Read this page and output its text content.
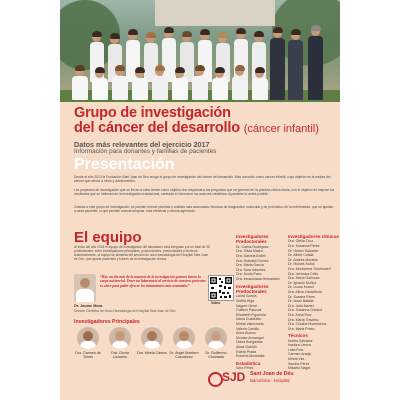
Grupo de investigación
del cáncer del desarrollo (cáncer infantil)
Datos más relevantes del ejercicio 2017
Información para donantes y familias de pacientes
Presentación
Desde el año 2013 la Fundación Sant Joan de Déu acoge el grupo de investigación del cáncer del desarrollo. Más conocido como cáncer infantil, cuyo objetivo es la mejora del cáncer que afecta a niños y adolescentes.
Los proyectos de investigación que se llevan a cabo tienen como objetivo dar respuesta a las preguntas que se generan en la práctica clínica diaria, con el objetivo de mejorar los resultados que se obtienen en la investigación traslacional, centrada en favorecer los avances científicos al paciente lo antes posible.
Gracias a este grupo de investigación, se pueden ofrecer pruebas y análisis más avanzados: técnicas de diagnóstico molecular y de pronóstico de la enfermedad, que se ajustan a cada paciente, lo que permite nuevas terapias, más efectivas y menos agresivas.
El equipo
Al inicio del año 2018 el equipo de investigación del laboratorio está integrado por un total de 36 profesionales, entre investigadores principales, posdoctorales, predoctorales y técnicos. Adicionalmente, el equipo se alimenta del servicio de onco-hematología del Hospital Sant Joan de Déu, que aporta pacientes y tutores de la investigación clínica.
“Hay un día más de la mayoría de la investigación quienes tienen la carga asistencial. Tener un laboratorio al servicio de nuestros pacientes es clave para poder ofrecer los tratamientos más avanzados”
Dr. Jaume Mora
Director Científico de Onco-Hematología del Hospital Sant Joan de Déu
Vídeo
Investigadores Principales
Dra. Carmen de Torres
Dra. Cinzia Lavarino
Dra. Mireia Cámos Dr. Ángel Montero Carcaboso
Dr. Guillermo Chantada
Investigadores Predoctorales
Dr. Carlos Rodríguez
Dra. Silvia Mateo
Dra. Daniela Bolinh
Dra. Soledad Gómez
Dra. Marta Garcia
Dra. Sara Sánchez
Dra. Sonia Paco
Dra. Inmaculada Hernández
Investigadores Predoctorales
Laura García
Noelia Higa
Nagore Gené
Guillem Pascual
Elisabeth Figuerola
María Cuadrado
Mireia Valenzuela
Valeria Castillo
Anna Alonso
Montse Arrowsgul
Diana Bongastas
Alicia Garrido
Estela Prada
Roberta Mosetalla
Estadística
Sara Pérez
Investigadores clínicos
Dra. Ofelia Cruz
Dra. Susanna Pérez
Dr. Héctor Salvador
Dr. Albert Catalá
Dr. Andrés Morales
Dr. Moisés Suñol
Dra. Montserrat Torrebadell
Dra. Verónica Celis
Dra. María Galmoza
Dr. Ignacio Muñoz
Dr. Lucas Krauel
Dra. Alicia Castañeda
Dr. Susana Rives
Dr. Isaac Batalla
Dra. Julia Martel
Dra. Susanna Gassiot
Dra. Anna Ruiz
Dra. María Travieso
Dra. Cristina Montesinos
Dra. Maria Prieto
Técnicos
Noelia Salvador
Isadora Lemos
Lidia Ruiz
Carmen Araujo
Mireia Vila
Sandra Pérez
Mikaelo Nagel
SJD Sant Joan de Déu
Barcelona · Hospital
